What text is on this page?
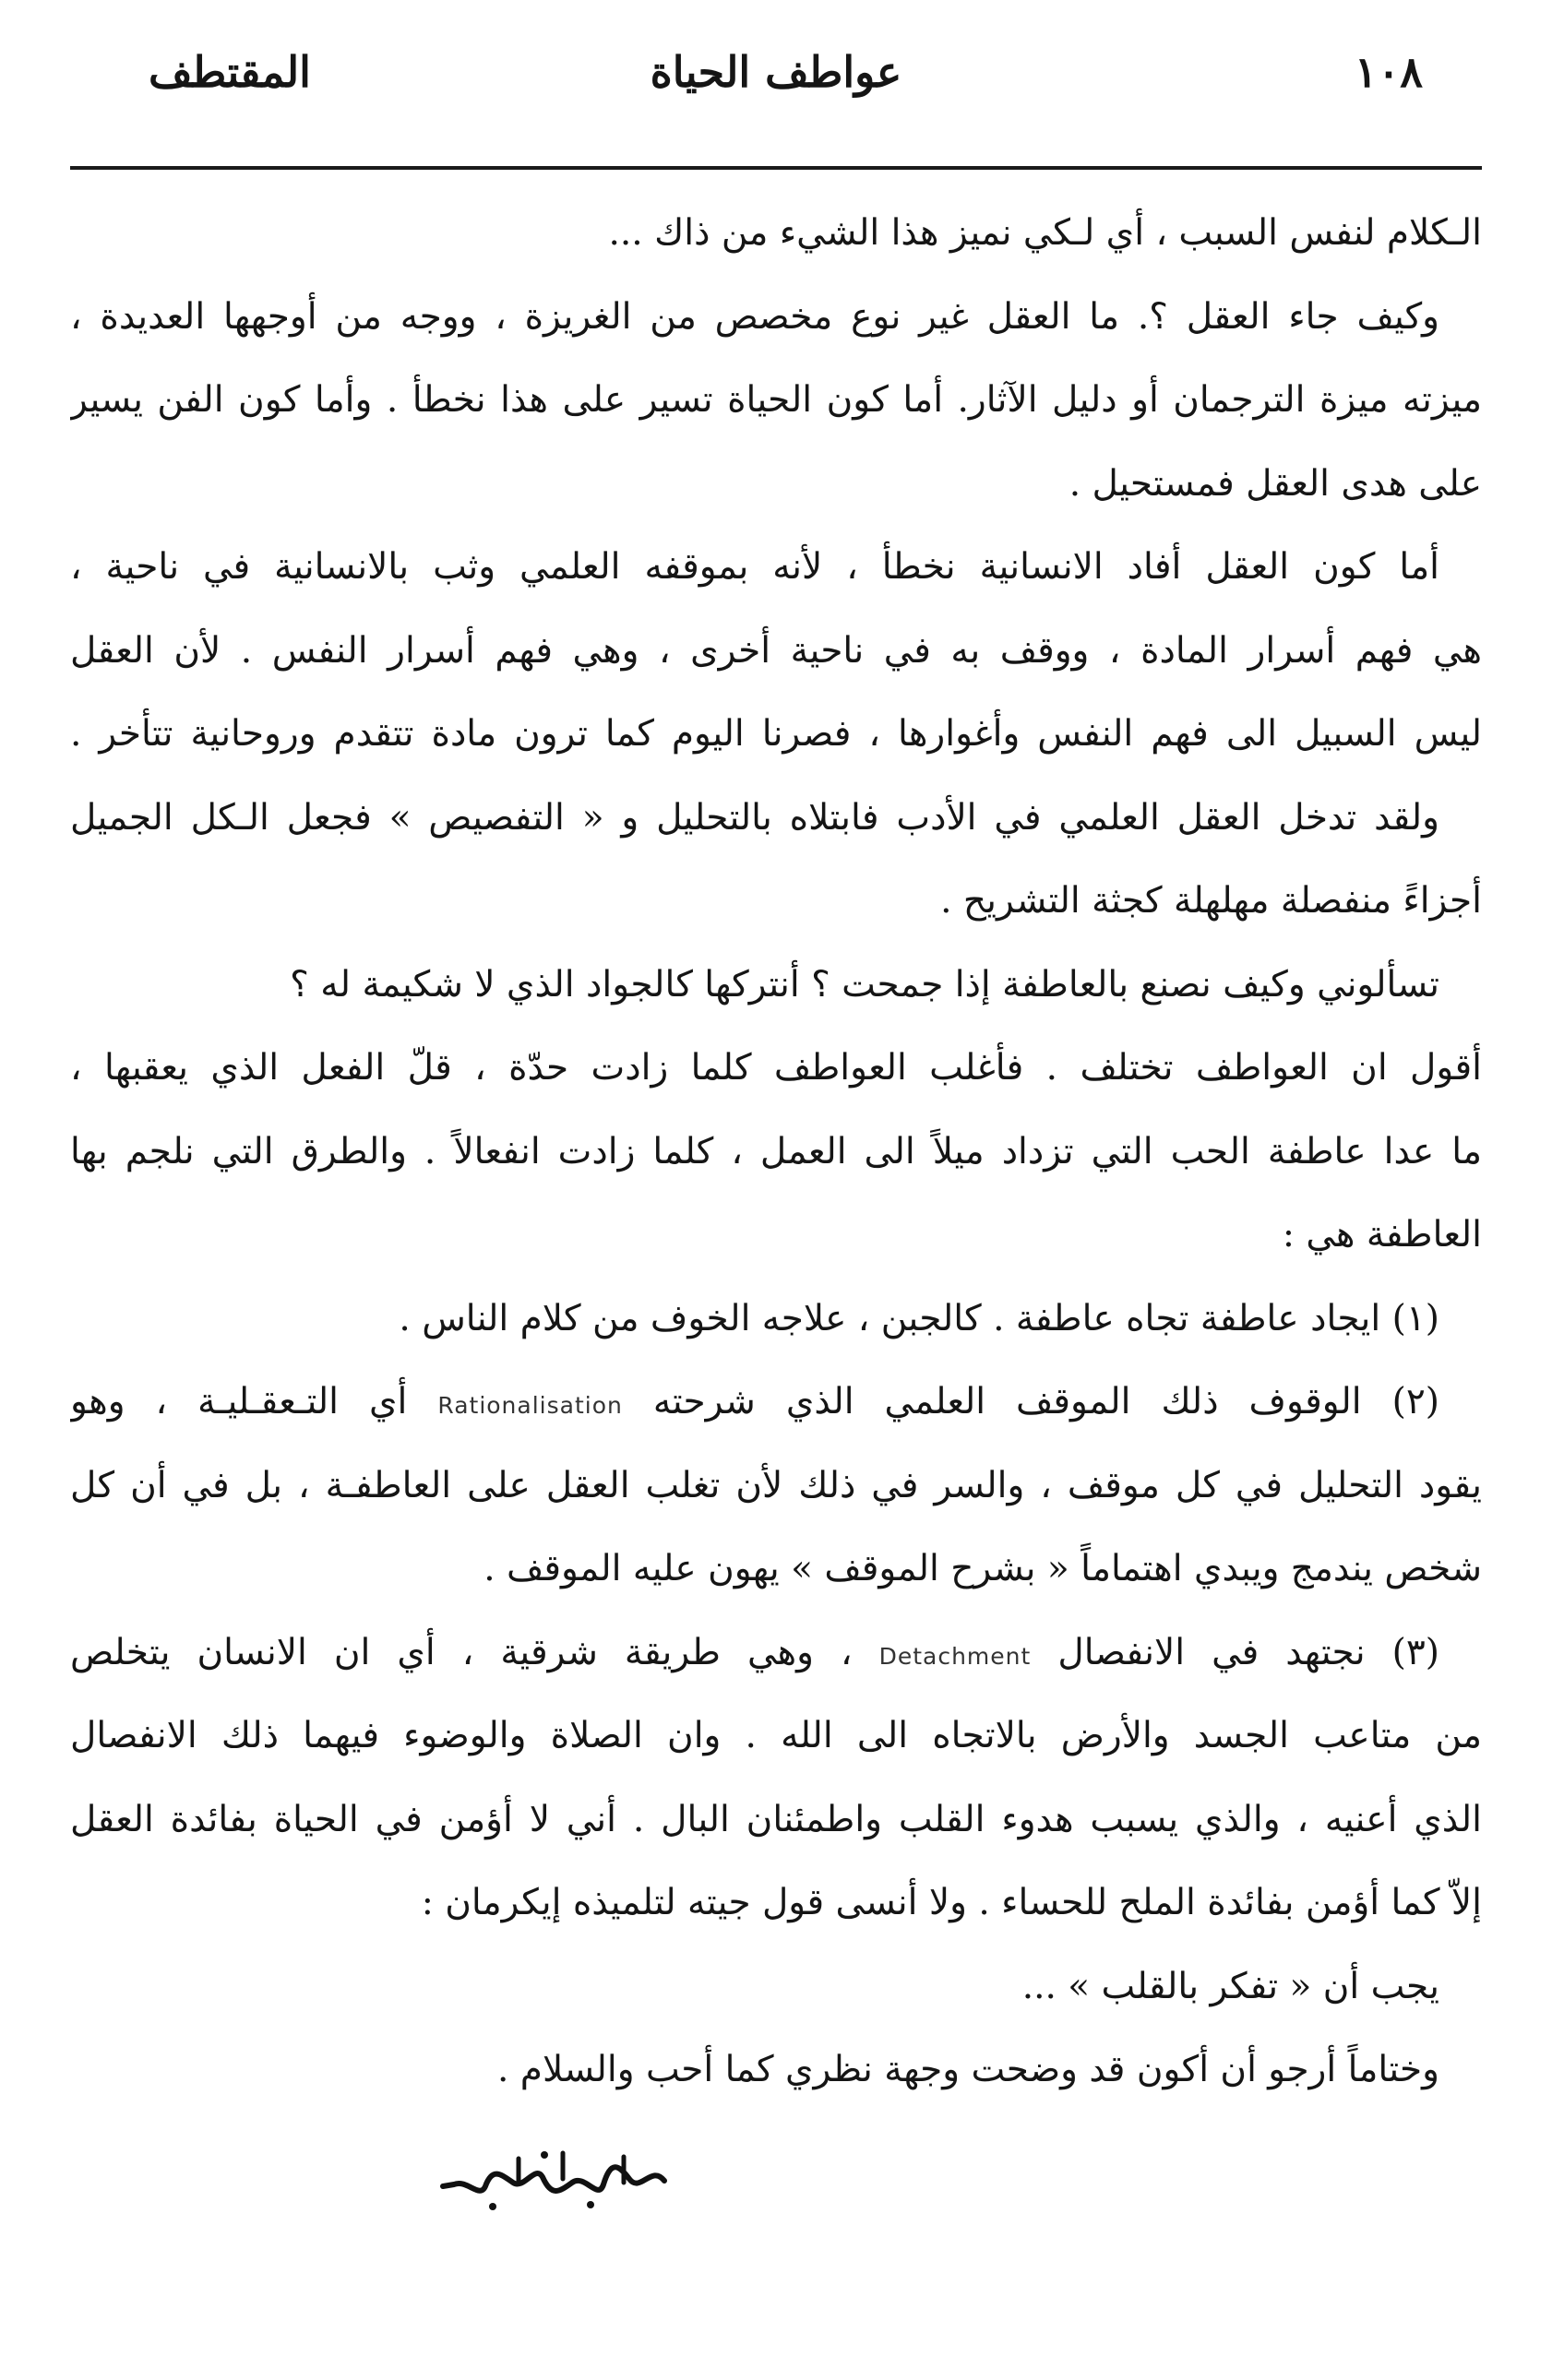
١٠٨
عواطف الحياة
المقتطف
الـكلام لنفس السبب ، أي لـكي نميز هذا الشيء من ذاك ...
وكيف جاء العقل ؟. ما العقل غير نوع مخصص من الغريزة ، ووجه من أوجهها العديدة ،
ميزته ميزة الترجمان أو دليل الآثار. أما كون الحياة تسير على هذا نخطأ . وأما كون الفن يسير
على هدى العقل فمستحيل .
أما كون العقل أفاد الانسانية نخطأ ، لأنه بموقفه العلمي وثب بالانسانية في ناحية ،
هي فهم أسرار المادة ، ووقف به في ناحية أخرى ، وهي فهم أسرار النفس . لأن العقل
ليس السبيل الى فهم النفس وأغوارها ، فصرنا اليوم كما ترون مادة تتقدم وروحانية تتأخر .
ولقد تدخل العقل العلمي في الأدب فابتلاه بالتحليل و « التفصيص » فجعل الـكل الجميل
أجزاءً منفصلة مهلهلة كجثة التشريح .
تسألوني وكيف نصنع بالعاطفة إذا جمحت ؟ أنتركها كالجواد الذي لا شكيمة له ؟
أقول ان العواطف تختلف . فأغلب العواطف كلما زادت حدّة ، قلّ الفعل الذي يعقبها ،
ما عدا عاطفة الحب التي تزداد ميلاً الى العمل ، كلما زادت انفعالاً . والطرق التي نلجم بها
العاطفة هي :
(١) ايجاد عاطفة تجاه عاطفة . كالجبن ، علاجه الخوف من كلام الناس .
(٢) الوقوف ذلك الموقف العلمي الذي شرحته Rationalisation أي التـعقـليـة ، وهو
يقود التحليل في كل موقف ، والسر في ذلك لأن تغلب العقل على العاطفـة ، بل في أن كل
شخص يندمج ويبدي اهتماماً « بشرح الموقف » يهون عليه الموقف .
(٣) نجتهد في الانفصال Detachment ، وهي طريقة شرقية ، أي ان الانسان يتخلص
من متاعب الجسد والأرض بالاتجاه الى الله . وان الصلاة والوضوء فيهما ذلك الانفصال
الذي أعنيه ، والذي يسبب هدوء القلب واطمئنان البال . أني لا أؤمن في الحياة بفائدة العقل
إلاّ كما أؤمن بفائدة الملح للحساء . ولا أنسى قول جيته لتلميذه إيكرمان :
يجب أن « تفكر بالقلب » ...
وختاماً أرجو أن أكون قد وضحت وجهة نظري كما أحب والسلام .
